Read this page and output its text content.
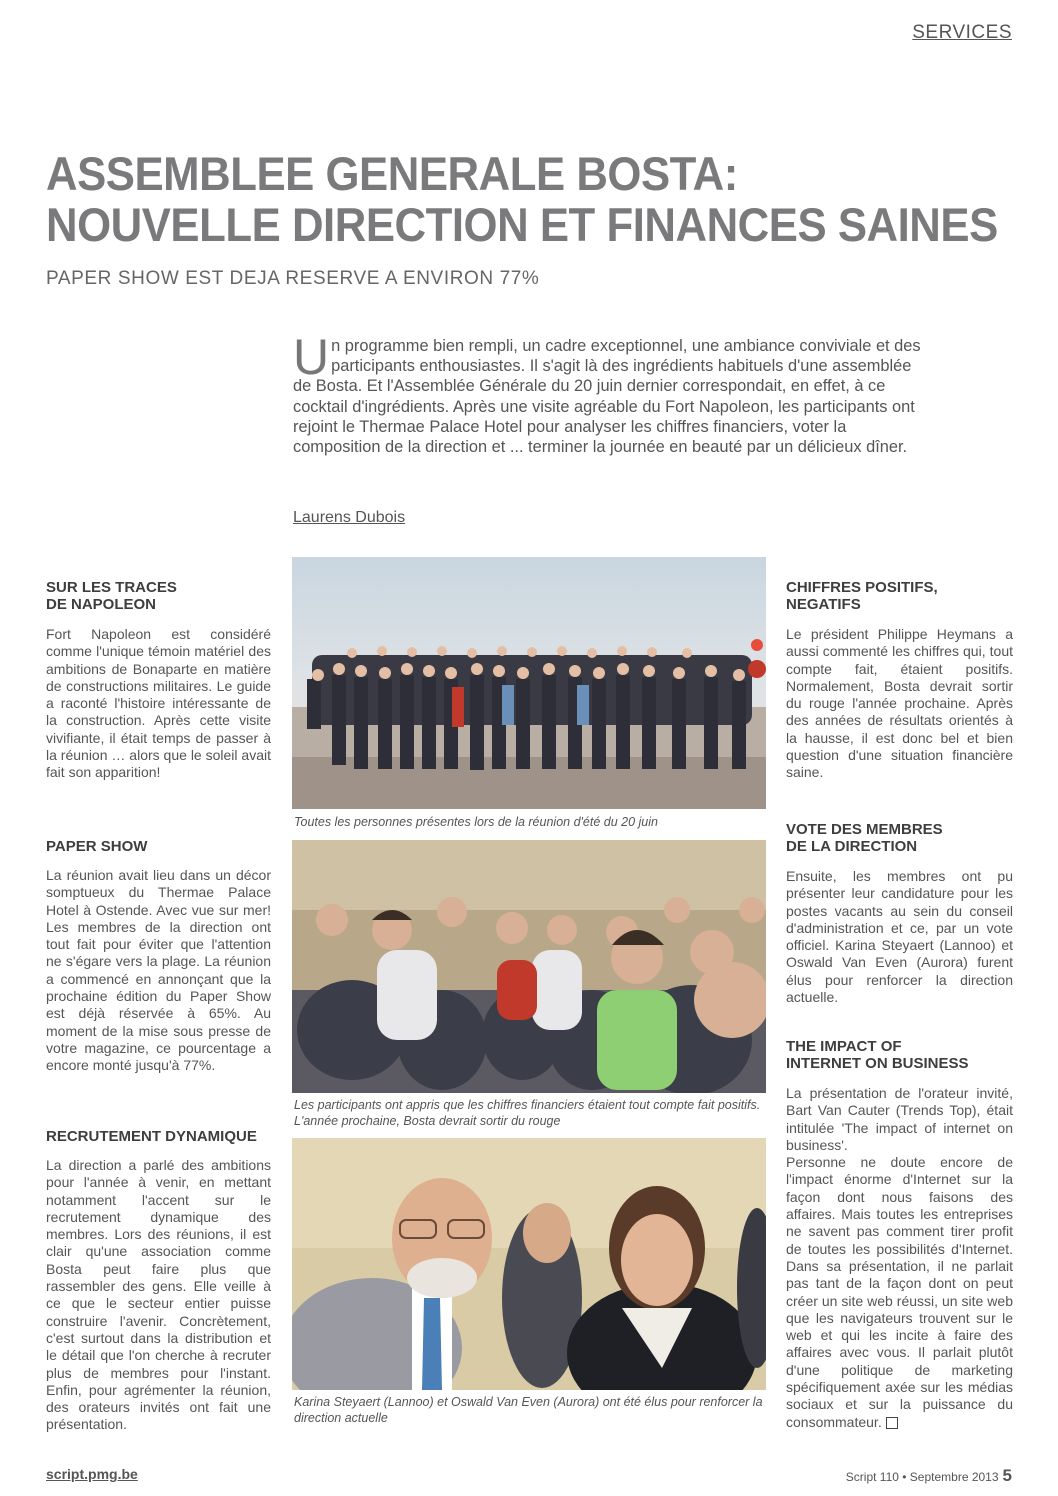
SERVICES
ASSEMBLEE GENERALE BOSTA:
NOUVELLE DIRECTION ET FINANCES SAINES
PAPER SHOW EST DEJA RESERVE A ENVIRON 77%
Un programme bien rempli, un cadre exceptionnel, une ambiance conviviale et des participants enthousiastes. Il s'agit là des ingrédients habituels d'une assemblée de Bosta. Et l'Assemblée Générale du 20 juin dernier correspondait, en effet, à ce cocktail d'ingrédients. Après une visite agréable du Fort Napoleon, les participants ont rejoint le Thermae Palace Hotel pour analyser les chiffres financiers, voter la composition de la direction et ... terminer la journée en beauté par un délicieux dîner.
Laurens Dubois
SUR LES TRACES
DE NAPOLEON

Fort Napoleon est considéré comme l'unique témoin matériel des ambitions de Bonaparte en matière de constructions militaires. Le guide a raconté l'histoire intéressante de la construction. Après cette visite vivifiante, il était temps de passer à la réunion … alors que le soleil avait fait son apparition!

PAPER SHOW

La réunion avait lieu dans un décor somptueux du Thermae Palace Hotel à Ostende. Avec vue sur mer! Les membres de la direction ont tout fait pour éviter que l'attention ne s'égare vers la plage. La réunion a commencé en annonçant que la prochaine édition du Paper Show est déjà réservée à 65%. Au moment de la mise sous presse de votre magazine, ce pourcentage a encore monté jusqu'à 77%.

RECRUTEMENT DYNAMIQUE

La direction a parlé des ambitions pour l'année à venir, en mettant notamment l'accent sur le recrutement dynamique des membres. Lors des réunions, il est clair qu'une association comme Bosta peut faire plus que rassembler des gens. Elle veille à ce que le secteur entier puisse construire l'avenir. Concrètement, c'est surtout dans la distribution et le détail que l'on cherche à recruter plus de membres pour l'instant. Enfin, pour agrémenter la réunion, des orateurs invités ont fait une présentation.

CHIFFRES POSITIFS,
NEGATIFS

Le président Philippe Heymans a aussi commenté les chiffres qui, tout compte fait, étaient positifs. Normalement, Bosta devrait sortir du rouge l'année prochaine. Après des années de résultats orientés à la hausse, il est donc bel et bien question d'une situation financière saine.

VOTE DES MEMBRES
DE LA DIRECTION

Ensuite, les membres ont pu présenter leur candidature pour les postes vacants au sein du conseil d'administration et ce, par un vote officiel. Karina Steyaert (Lannoo) et Oswald Van Even (Aurora) furent élus pour renforcer la direction actuelle.

THE IMPACT OF
INTERNET ON BUSINESS

La présentation de l'orateur invité, Bart Van Cauter (Trends Top), était intitulée 'The impact of internet on business'.

Personne ne doute encore de l'impact énorme d'Internet sur la façon dont nous faisons des affaires. Mais toutes les entreprises ne savent pas comment tirer profit de toutes les possibilités d'Internet. Dans sa présentation, il ne parlait pas tant de la façon dont on peut créer un site web réussi, un site web que les navigateurs trouvent sur le web et qui les incite à faire des affaires avec vous. Il parlait plutôt d'une politique de marketing spécifiquement axée sur les médias sociaux et sur la puissance du consommateur.

Toutes les personnes présentes lors de la réunion d'été du 20 juin
Les participants ont appris que les chiffres financiers étaient tout compte fait positifs. L'année prochaine, Bosta devrait sortir du rouge
Karina Steyaert (Lannoo) et Oswald Van Even (Aurora) ont été élus pour renforcer la direction actuelle
script.pmg.be	Script 110 • Septembre 2013 5
